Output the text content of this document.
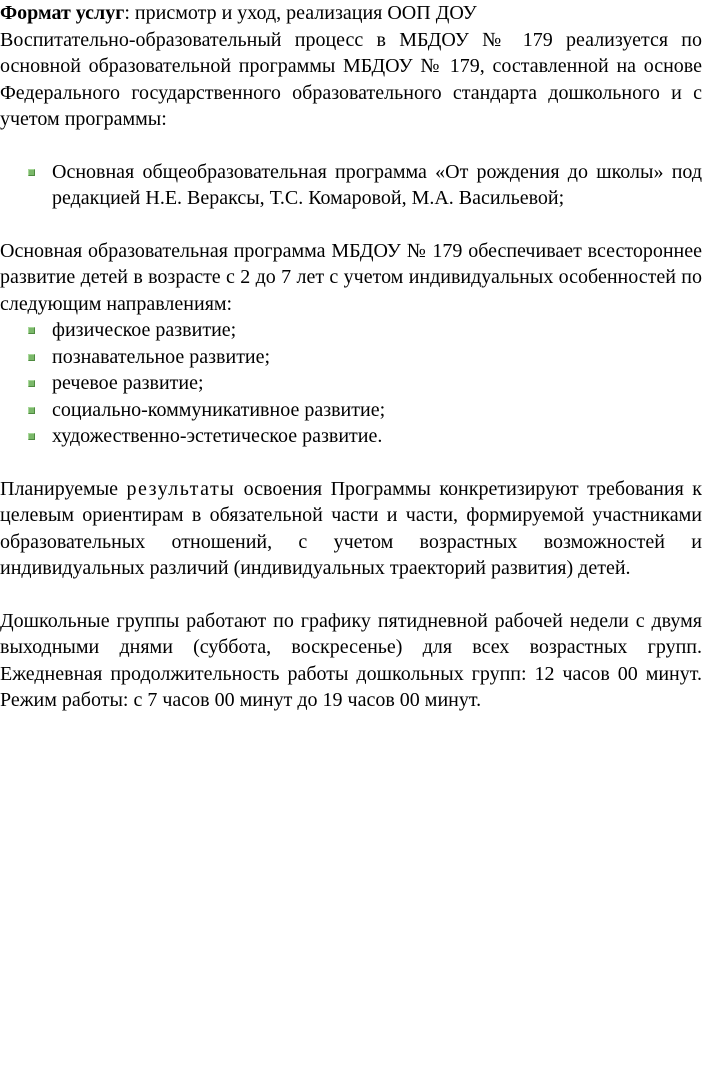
Формат услуг: присмотр и уход, реализация ООП ДОУ

Воспитательно-образовательный процесс в МБДОУ № 179 реализуется по основной образовательной программы МБДОУ № 179, составленной на основе Федерального государственного образовательного стандарта дошкольного и с учетом программы:

Основная общеобразовательная программа «От рождения до школы» под редакцией Н.Е. Вераксы, Т.С. Комаровой, М.А. Васильевой;

Основная образовательная программа МБДОУ № 179 обеспечивает всестороннее развитие детей в возрасте с 2 до 7 лет с учетом индивидуальных особенностей по следующим направлениям:

физическое развитие;
познавательное развитие;
речевое развитие;
социально-коммуникативное развитие;
художественно-эстетическое развитие.

Планируемые результаты освоения Программы конкретизируют требования к целевым ориентирам в обязательной части и части, формируемой участниками образовательных отношений, с учетом возрастных возможностей и индивидуальных различий (индивидуальных траекторий развития) детей.

Дошкольные группы работают по графику пятидневной рабочей недели с двумя выходными днями (суббота, воскресенье) для всех возрастных групп. Ежедневная продолжительность работы дошкольных групп: 12 часов 00 минут. Режим работы: с 7 часов 00 минут до 19 часов 00 минут.
